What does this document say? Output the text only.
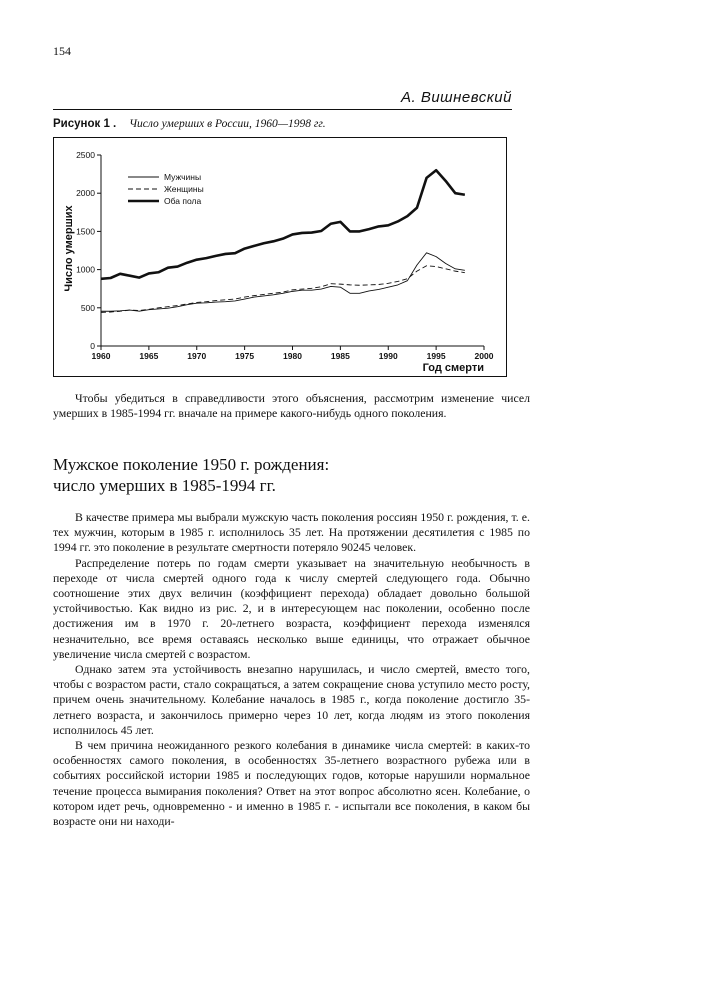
154
А. Вишневский
Рисунок 1 . Число умерших в России, 1960—1998 гг.
0
500
1000
1500
2000
2500
1960	1965	1970	1975	1980	1985	1990	1995	2000
Год смерти
Число умерших
Мужчины
Женщины
Оба пола

Чтобы убедиться в справедливости этого объяснения, рассмотрим изменение чисел умерших в 1985-1994 гг. вначале на примере какого-нибудь одного поколения.

Мужское поколение 1950 г. рождения:
число умерших в 1985-1994 гг.

В качестве примера мы выбрали мужскую часть поколения россиян 1950 г. рождения, т. е. тех мужчин, которым в 1985 г. исполнилось 35 лет. На протяжении десятилетия с 1985 по 1994 гг. это поколение в результате смертности потеряло 90245 человек.

Распределение потерь по годам смерти указывает на значительную необычность в переходе от числа смертей одного года к числу смертей следующего года. Обычно соотношение этих двух величин (коэффициент перехода) обладает довольно большой устойчивостью. Как видно из рис. 2, и в интересующем нас поколении, особенно после достижения им в 1970 г. 20-летнего возраста, коэффициент перехода изменялся незначительно, все время оставаясь несколько выше единицы, что отражает обычное увеличение числа смертей с возрастом.

Однако затем эта устойчивость внезапно нарушилась, и число смертей, вместо того, чтобы с возрастом расти, стало сокращаться, а затем сокращение снова уступило место росту, причем очень значительному. Колебание началось в 1985 г., когда поколение достигло 35-летнего возраста, и закончилось примерно через 10 лет, когда людям из этого поколения исполнилось 45 лет.

В чем причина неожиданного резкого колебания в динамике числа смертей: в каких-то особенностях самого поколения, в особенностях 35-летнего возрастного рубежа или в событиях российской истории 1985 и последующих годов, которые нарушили нормальное течение процесса вымирания поколения? Ответ на этот вопрос абсолютно ясен. Колебание, о котором идет речь, одновременно - и именно в 1985 г. - испытали все поколения, в каком бы возрасте они ни находи-
